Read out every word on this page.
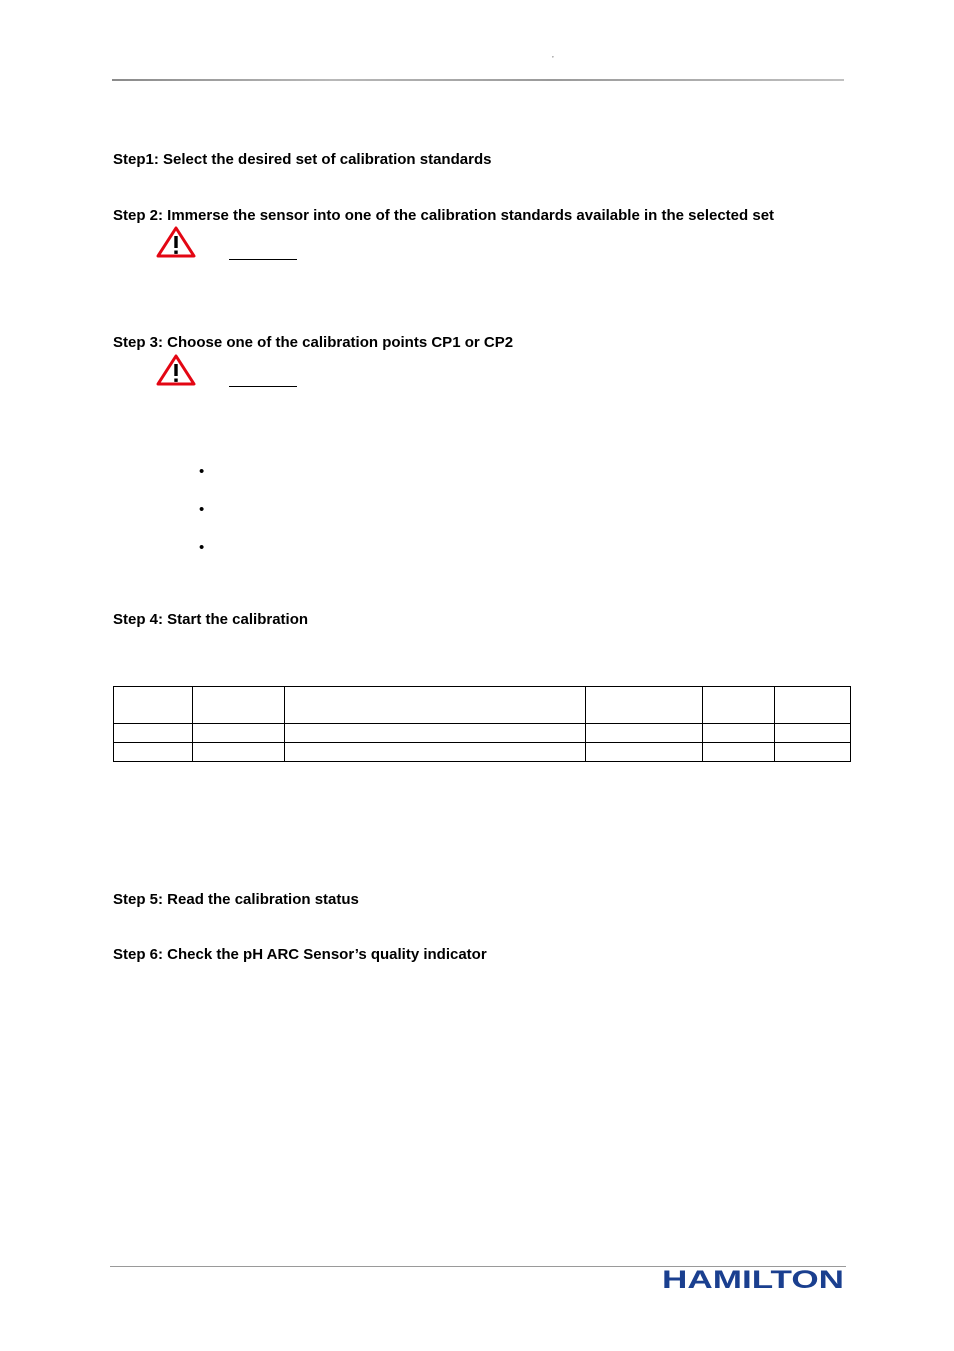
’
Step1: Select the desired set of calibration standards
Step 2: Immerse the sensor into one of the calibration standards available in the selected set
Step 3: Choose one of the calibration points CP1 or CP2
•
•
•
Step 4: Start the calibration

Step 5: Read the calibration status
Step 6: Check the pH ARC Sensor’s quality indicator
HAMILTON
